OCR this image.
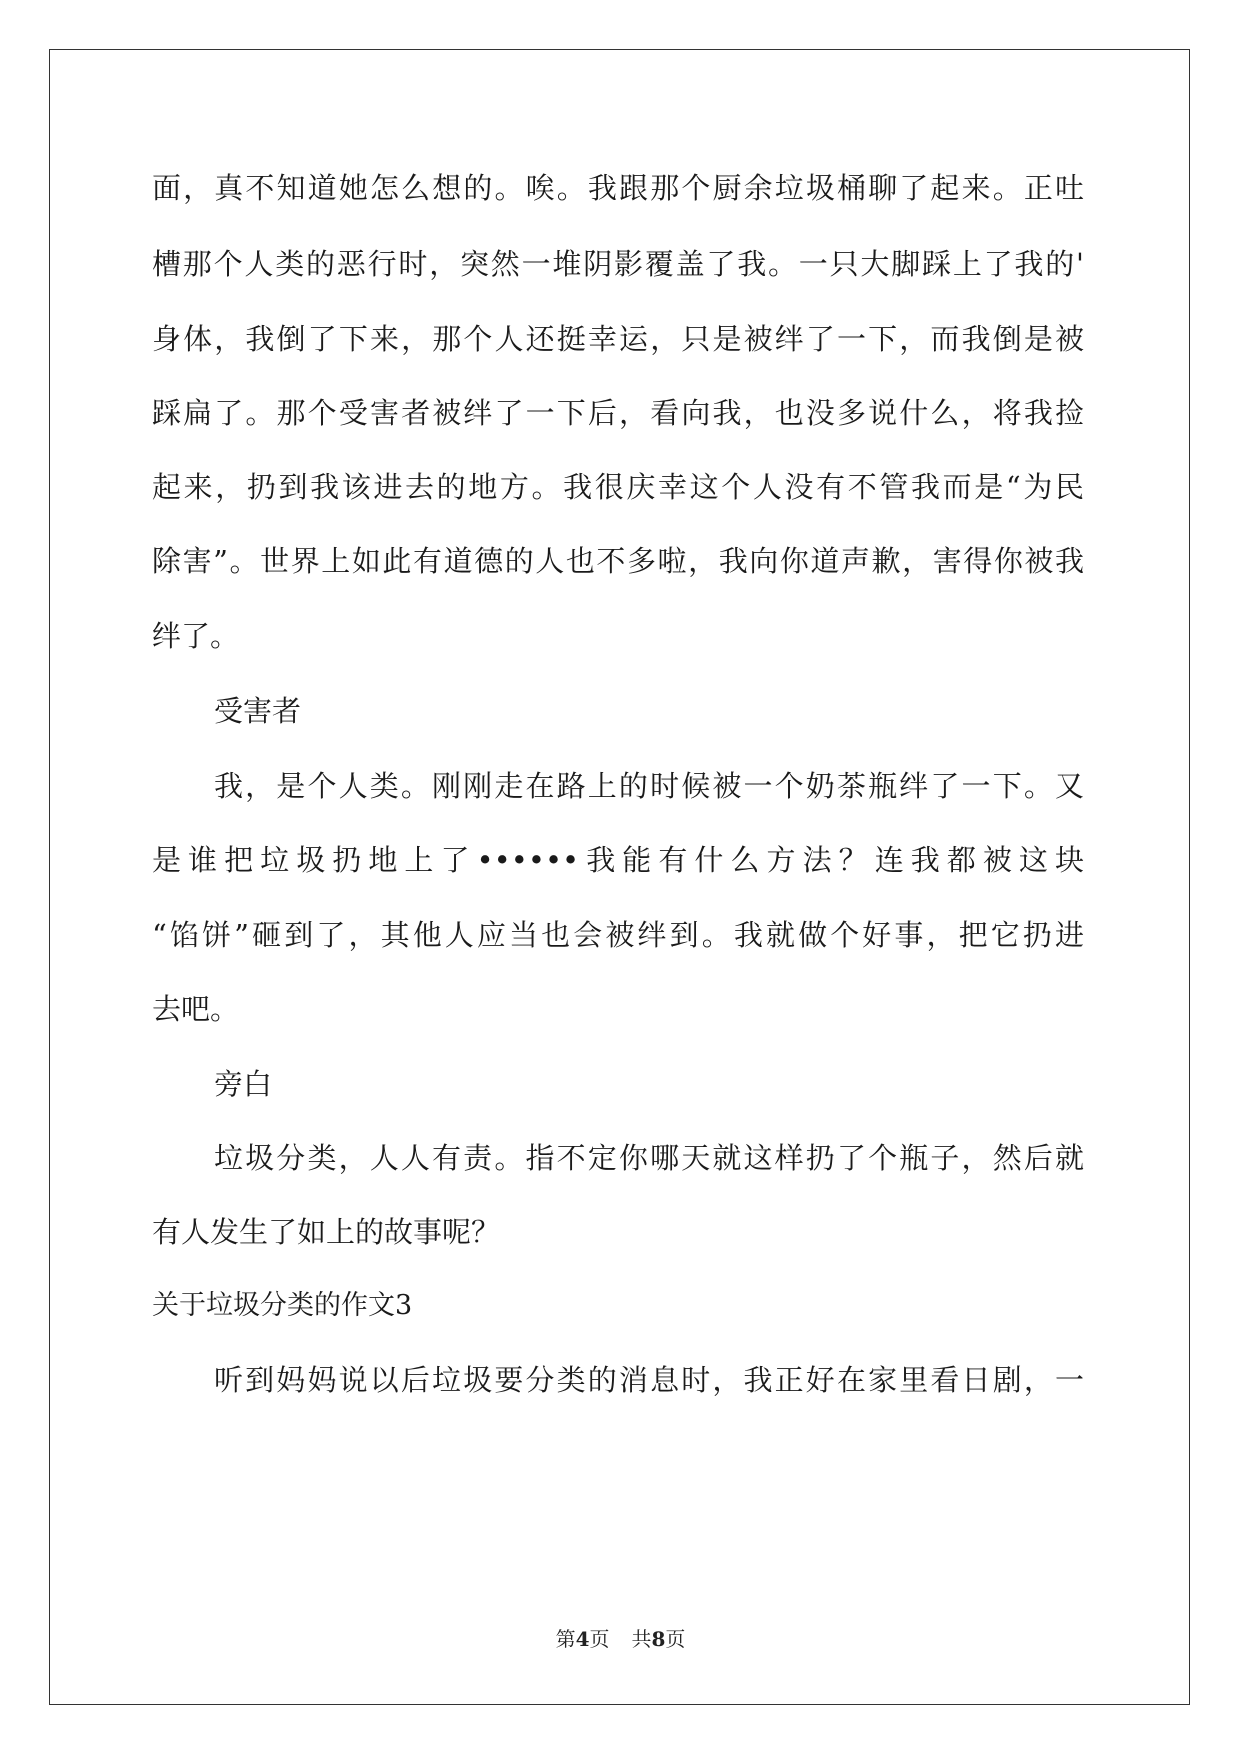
面，真不知道她怎么想的。唉。我跟那个厨余垃圾桶聊了起来。正吐
槽那个人类的恶行时，突然一堆阴影覆盖了我。一只大脚踩上了我的'
身体，我倒了下来，那个人还挺幸运，只是被绊了一下，而我倒是被
踩扁了。那个受害者被绊了一下后，看向我，也没多说什么，将我捡
起来，扔到我该进去的地方。我很庆幸这个人没有不管我而是“为民
除害”。世界上如此有道德的人也不多啦，我向你道声歉，害得你被我
绊了。
受害者
我，是个人类。刚刚走在路上的时候被一个奶茶瓶绊了一下。又
是谁把垃圾扔地上了••••••我能有什么方法？连我都被这块
“馅饼”砸到了，其他人应当也会被绊到。我就做个好事，把它扔进
去吧。
旁白
垃圾分类，人人有责。指不定你哪天就这样扔了个瓶子，然后就
有人发生了如上的故事呢？
关于垃圾分类的作文3
听到妈妈说以后垃圾要分类的消息时，我正好在家里看日剧，一
第4页 共8页
